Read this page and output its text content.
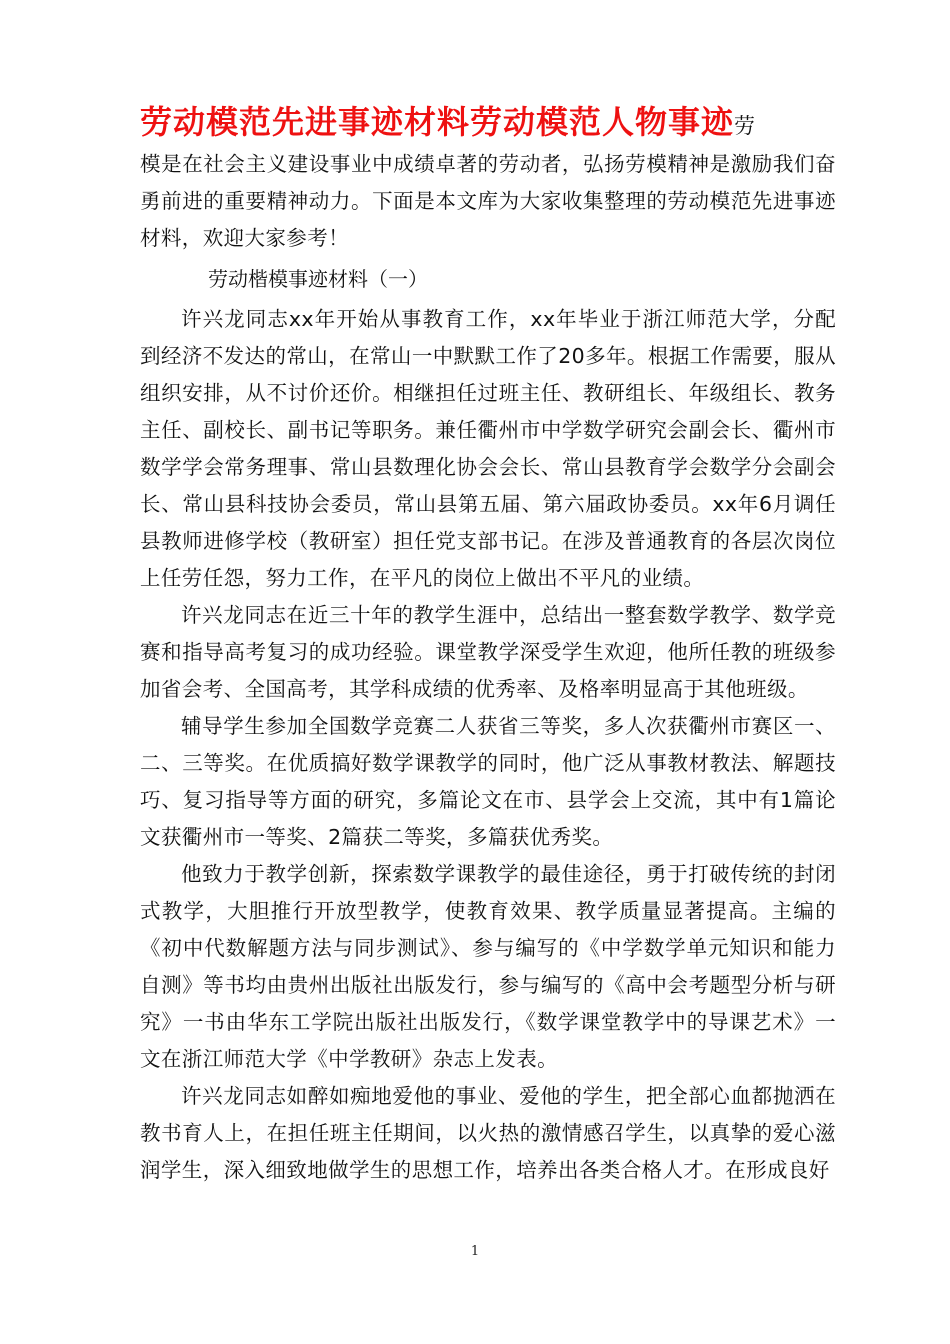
劳动模范先进事迹材料劳动模范人物事迹劳

模是在社会主义建设事业中成绩卓著的劳动者，弘扬劳模精神是激励我们奋勇前进的重要精神动力。下面是本文库为大家收集整理的劳动模范先进事迹材料，欢迎大家参考！

劳动楷模事迹材料（一）

许兴龙同志xx年开始从事教育工作，xx年毕业于浙江师范大学，分配到经济不发达的常山，在常山一中默默工作了20多年。根据工作需要，服从组织安排，从不讨价还价。相继担任过班主任、教研组长、年级组长、教务主任、副校长、副书记等职务。兼任衢州市中学数学研究会副会长、衢州市数学学会常务理事、常山县数理化协会会长、常山县教育学会数学分会副会长、常山县科技协会委员，常山县第五届、第六届政协委员。xx年6月调任县教师进修学校（教研室）担任党支部书记。在涉及普通教育的各层次岗位上任劳任怨，努力工作，在平凡的岗位上做出不平凡的业绩。

许兴龙同志在近三十年的教学生涯中，总结出一整套数学教学、数学竞赛和指导高考复习的成功经验。课堂教学深受学生欢迎，他所任教的班级参加省会考、全国高考，其学科成绩的优秀率、及格率明显高于其他班级。

辅导学生参加全国数学竞赛二人获省三等奖，多人次获衢州市赛区一、二、三等奖。在优质搞好数学课教学的同时，他广泛从事教材教法、解题技巧、复习指导等方面的研究，多篇论文在市、县学会上交流，其中有1篇论文获衢州市一等奖、2篇获二等奖，多篇获优秀奖。

他致力于教学创新，探索数学课教学的最佳途径，勇于打破传统的封闭式教学，大胆推行开放型教学，使教育效果、教学质量显著提高。主编的《初中代数解题方法与同步测试》、参与编写的《中学数学单元知识和能力自测》等书均由贵州出版社出版发行，参与编写的《高中会考题型分析与研究》一书由华东工学院出版社出版发行，《数学课堂教学中的导课艺术》一文在浙江师范大学《中学教研》杂志上发表。

许兴龙同志如醉如痴地爱他的事业、爱他的学生，把全部心血都抛洒在教书育人上，在担任班主任期间，以火热的激情感召学生，以真挚的爱心滋润学生，深入细致地做学生的思想工作，培养出各类合格人才。在形成良好

1
